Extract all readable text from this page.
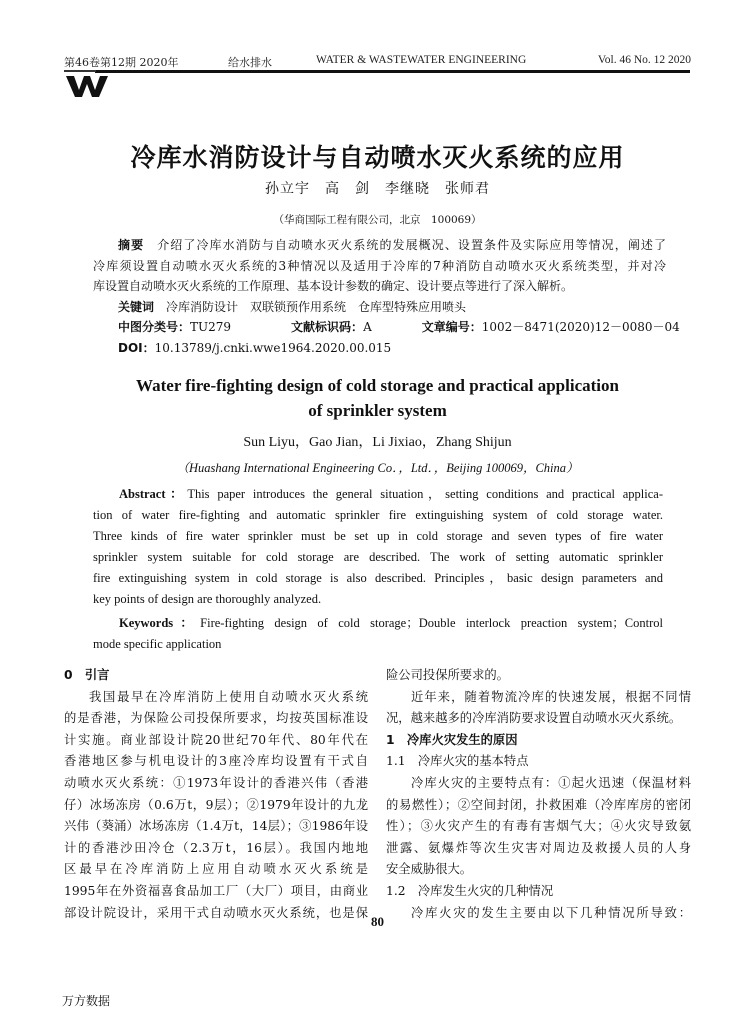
第46卷第12期 2020年	给水排水	WATER & WASTEWATER ENGINEERING	Vol. 46 No. 12 2020
冷库水消防设计与自动喷水灭火系统的应用
孙立宇　高　剑　李继晓　张师君
（华商国际工程有限公司，北京　100069）
摘要　 介绍了冷库水消防与自动喷水灭火系统的发展概况、设置条件及实际应用等情况，阐述了
冷库须设置自动喷水灭火系统的3种情况以及适用于冷库的7种消防自动喷水灭火系统类型，并对冷
库设置自动喷水灭火系统的工作原理、基本设计参数的确定、设计要点等进行了深入解析。
关键词　 冷库消防设计　双联锁预作用系统　仓库型特殊应用喷头
中图分类号：TU279	文献标识码：A	文章编号：1002－8471(2020)12－0080－04
DOI：10.13789/j.cnki.wwe1964.2020.00.015
Water fire-fighting design of cold storage and practical application
of sprinkler system
Sun Liyu，Gao Jian，Li Jixiao，Zhang Shijun
（Huashang International Engineering Co．，Ltd．，Beijing 100069，China）
Abstract：This paper introduces the general situation，setting conditions and practical applica-
tion of water fire-fighting and automatic sprinkler fire extinguishing system of cold storage water.
Three kinds of fire water sprinkler must be set up in cold storage and seven types of fire water
sprinkler system suitable for cold storage are described. The work of setting automatic sprinkler
fire extinguishing system in cold storage is also described. Principles，basic design parameters and
key points of design are thoroughly analyzed.
Keywords：Fire-fighting design of cold storage；Double interlock preaction system；Control
mode specific application
0　引言
我国最早在冷库消防上使用自动喷水灭火系统
的是香港，为保险公司投保所要求，均按英国标准设
计实施。商业部设计院20世纪70年代、80年代在
香港地区参与机电设计的3座冷库均设置有干式自
动喷水灭火系统：①1973年设计的香港兴伟（香港
仔）冰场冻房（0.6万t，9层）；②1979年设计的九龙
兴伟（葵涌）冰场冻房（1.4万t，14层）；③1986年设
计的香港沙田冷仓（2.3万t，16层）。我国内地地
区最早在冷库消防上应用自动喷水灭火系统是
1995年在外资福喜食品加工厂（大厂）项目，由商业
部设计院设计，采用干式自动喷水灭火系统，也是保
险公司投保所要求的。
近年来，随着物流冷库的快速发展，根据不同情
况，越来越多的冷库消防要求设置自动喷水灭火系统。
1　冷库火灾发生的原因
1.1　冷库火灾的基本特点
冷库火灾的主要特点有：①起火迅速（保温材料
的易燃性）；②空间封闭，扑救困难（冷库库房的密闭
性）；③火灾产生的有毒有害烟气大；④火灾导致氨
泄露、氨爆炸等次生灾害对周边及救援人员的人身
安全威胁很大。
1.2　冷库发生火灾的几种情况
冷库火灾的发生主要由以下几种情况所导致：
80
万方数据
